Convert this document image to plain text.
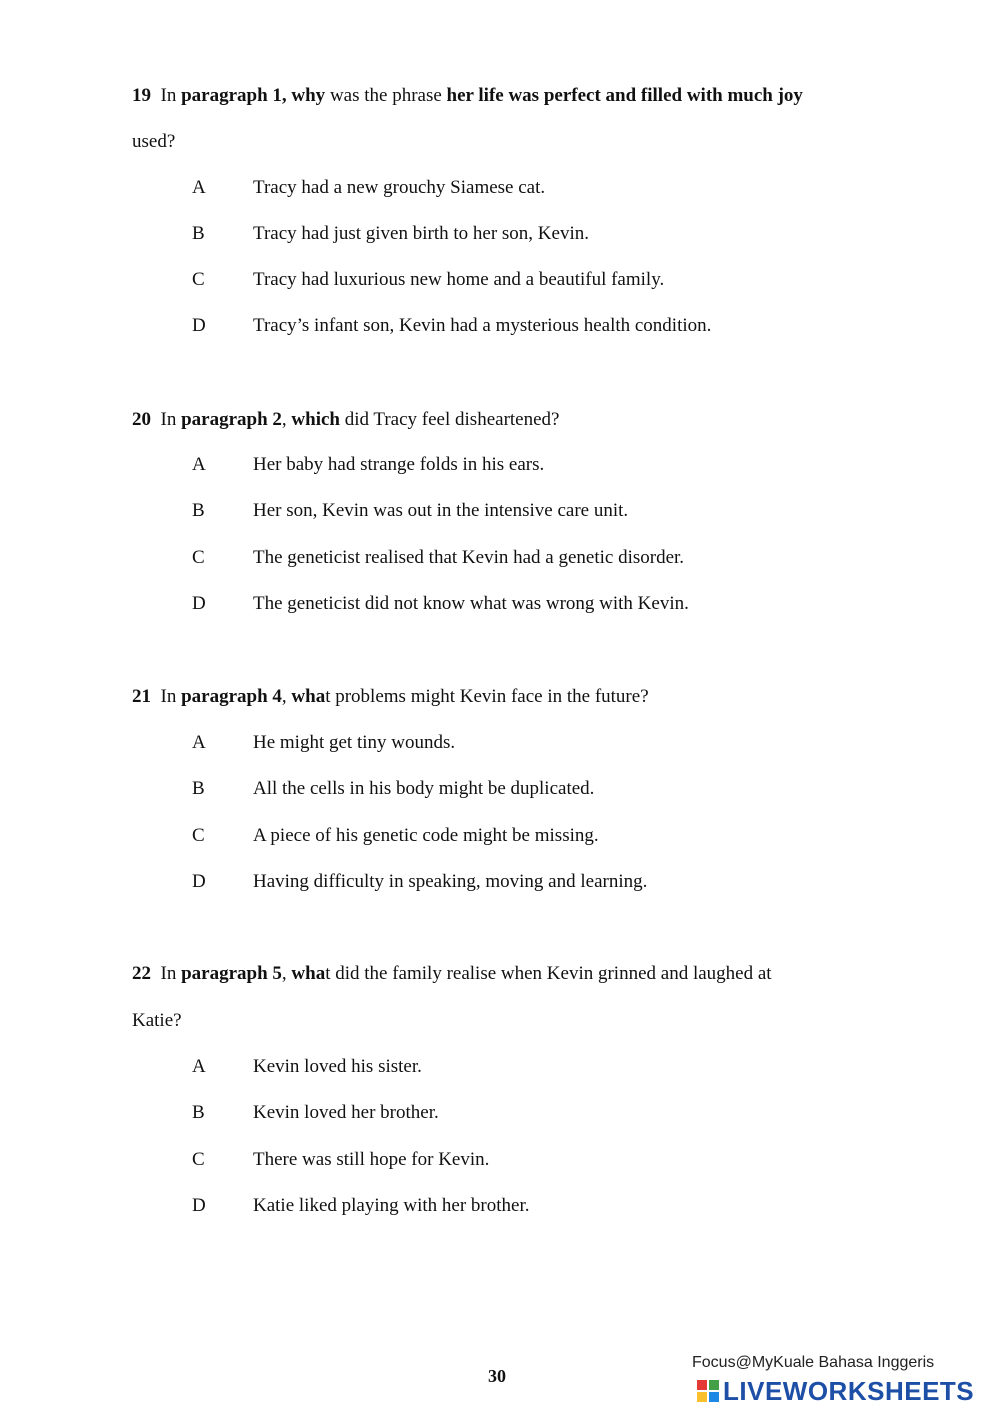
19 In paragraph 1, why was the phrase her life was perfect and filled with much joy
used?
A Tracy had a new grouchy Siamese cat.
B	Tracy had just given birth to her son, Kevin.
C	Tracy had luxurious new home and a beautiful family.
D Tracy’s infant son, Kevin had a mysterious health condition.
20 In paragraph 2, which did Tracy feel disheartened?
A Her baby had strange folds in his ears.
B	Her son, Kevin was out in the intensive care unit.
C	The geneticist realised that Kevin had a genetic disorder.
D The geneticist did not know what was wrong with Kevin.
21 In paragraph 4, what problems might Kevin face in the future?
A He might get tiny wounds.
B	All the cells in his body might be duplicated.
C	A piece of his genetic code might be missing.
D Having difficulty in speaking, moving and learning.
22 In paragraph 5, what did the family realise when Kevin grinned and laughed at
Katie?
A Kevin loved his sister.
B	Kevin loved her brother.
C	There was still hope for Kevin.
D Katie liked playing with her brother.
30
Focus@MyKuale Bahasa Inggeris
LIVEWORKSHEETS
